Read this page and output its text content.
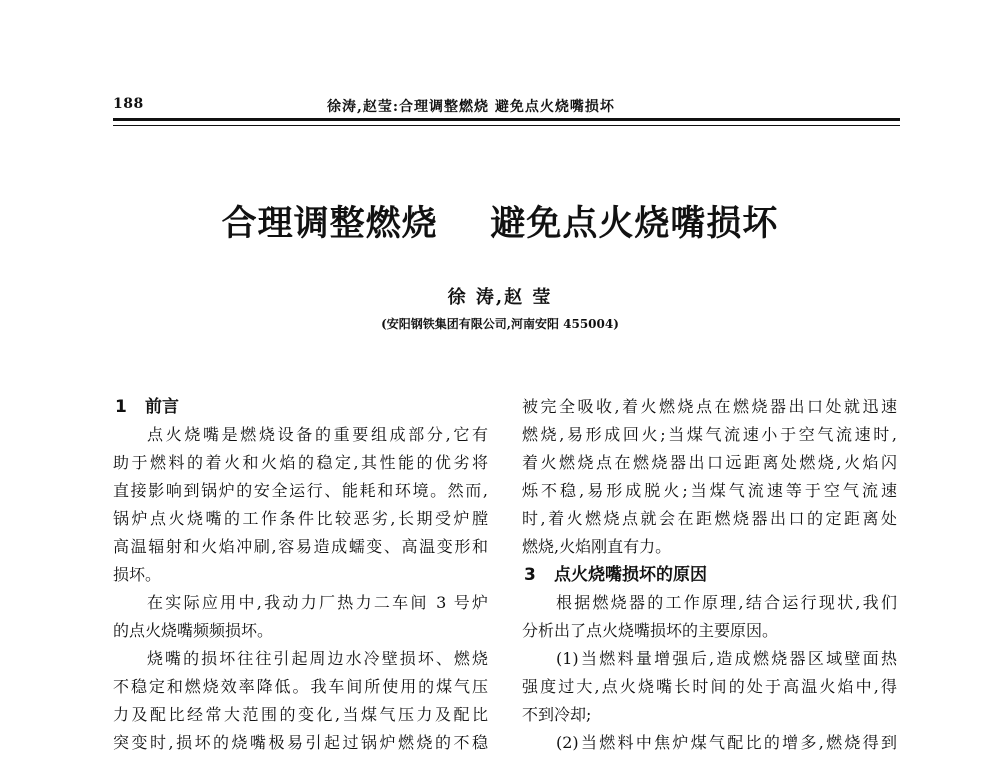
188	徐涛,赵莹:合理调整燃烧 避免点火烧嘴损坏
合理调整燃烧    避免点火烧嘴损坏
徐 涛,赵 莹
(安阳钢铁集团有限公司,河南安阳 455004)
1 前言
点火烧嘴是燃烧设备的重要组成部分,它有
助于燃料的着火和火焰的稳定,其性能的优劣将
直接影响到锅炉的安全运行、能耗和环境。然而,
锅炉点火烧嘴的工作条件比较恶劣,长期受炉膛
高温辐射和火焰冲刷,容易造成蠕变、高温变形和
损坏。
在实际应用中,我动力厂热力二车间 3 号炉
的点火烧嘴频频损坏。
烧嘴的损坏往往引起周边水冷壁损坏、燃烧
不稳定和燃烧效率降低。我车间所使用的煤气压
力及配比经常大范围的变化,当煤气压力及配比
突变时,损坏的烧嘴极易引起过锅炉燃烧的不稳
被完全吸收,着火燃烧点在燃烧器出口处就迅速
燃烧,易形成回火;当煤气流速小于空气流速时,
着火燃烧点在燃烧器出口远距离处燃烧,火焰闪
烁不稳,易形成脱火;当煤气流速等于空气流速
时,着火燃烧点就会在距燃烧器出口的定距离处
燃烧,火焰刚直有力。
3 点火烧嘴损坏的原因
根据燃烧器的工作原理,结合运行现状,我们
分析出了点火烧嘴损坏的主要原因。
(1)当燃料量增强后,造成燃烧器区域壁面热
强度过大,点火烧嘴长时间的处于高温火焰中,得
不到冷却;
(2)当燃料中焦炉煤气配比的增多,燃烧得到
